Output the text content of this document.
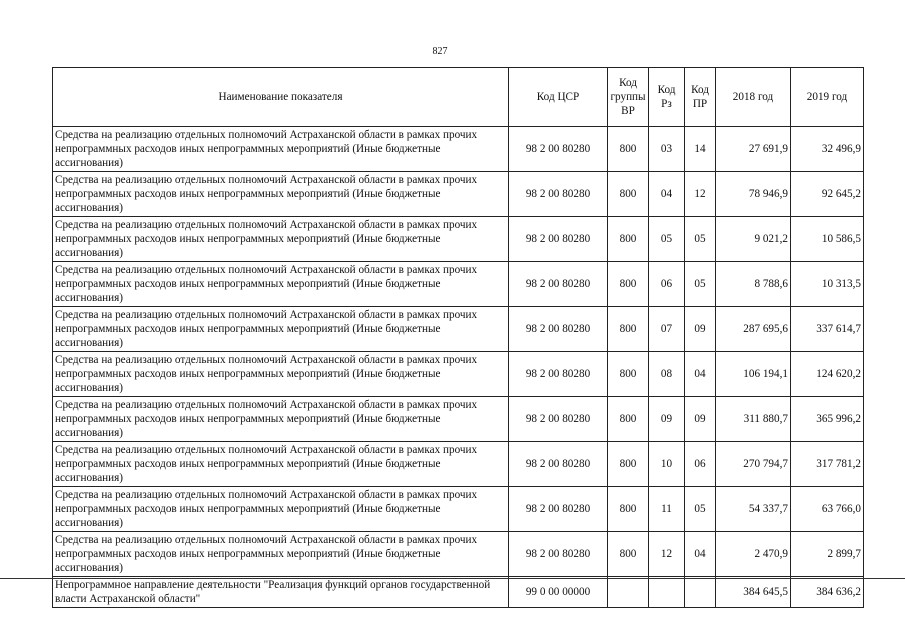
827
Наименование показателя	Код ЦСР	Код группы ВР	Код Рз	Код ПР	2018 год	2019 год
Средства на реализацию отдельных полномочий Астраханской области в рамках прочих непрограммных расходов иных непрограммных мероприятий (Иные бюджетные ассигнования)	98 2 00 80280	800	03	14	27 691,9	32 496,9
Средства на реализацию отдельных полномочий Астраханской области в рамках прочих непрограммных расходов иных непрограммных мероприятий (Иные бюджетные ассигнования)	98 2 00 80280	800	04	12	78 946,9	92 645,2
Средства на реализацию отдельных полномочий Астраханской области в рамках прочих непрограммных расходов иных непрограммных мероприятий (Иные бюджетные ассигнования)	98 2 00 80280	800	05	05	9 021,2	10 586,5
Средства на реализацию отдельных полномочий Астраханской области в рамках прочих непрограммных расходов иных непрограммных мероприятий (Иные бюджетные ассигнования)	98 2 00 80280	800	06	05	8 788,6	10 313,5
Средства на реализацию отдельных полномочий Астраханской области в рамках прочих непрограммных расходов иных непрограммных мероприятий (Иные бюджетные ассигнования)	98 2 00 80280	800	07	09	287 695,6	337 614,7
Средства на реализацию отдельных полномочий Астраханской области в рамках прочих непрограммных расходов иных непрограммных мероприятий (Иные бюджетные ассигнования)	98 2 00 80280	800	08	04	106 194,1	124 620,2
Средства на реализацию отдельных полномочий Астраханской области в рамках прочих непрограммных расходов иных непрограммных мероприятий (Иные бюджетные ассигнования)	98 2 00 80280	800	09	09	311 880,7	365 996,2
Средства на реализацию отдельных полномочий Астраханской области в рамках прочих непрограммных расходов иных непрограммных мероприятий (Иные бюджетные ассигнования)	98 2 00 80280	800	10	06	270 794,7	317 781,2
Средства на реализацию отдельных полномочий Астраханской области в рамках прочих непрограммных расходов иных непрограммных мероприятий (Иные бюджетные ассигнования)	98 2 00 80280	800	11	05	54 337,7	63 766,0
Средства на реализацию отдельных полномочий Астраханской области в рамках прочих непрограммных расходов иных непрограммных мероприятий (Иные бюджетные ассигнования)	98 2 00 80280	800	12	04	2 470,9	2 899,7
Непрограммное направление деятельности "Реализация функций органов государственной власти Астраханской области"	99 0 00 00000				384 645,5	384 636,2
